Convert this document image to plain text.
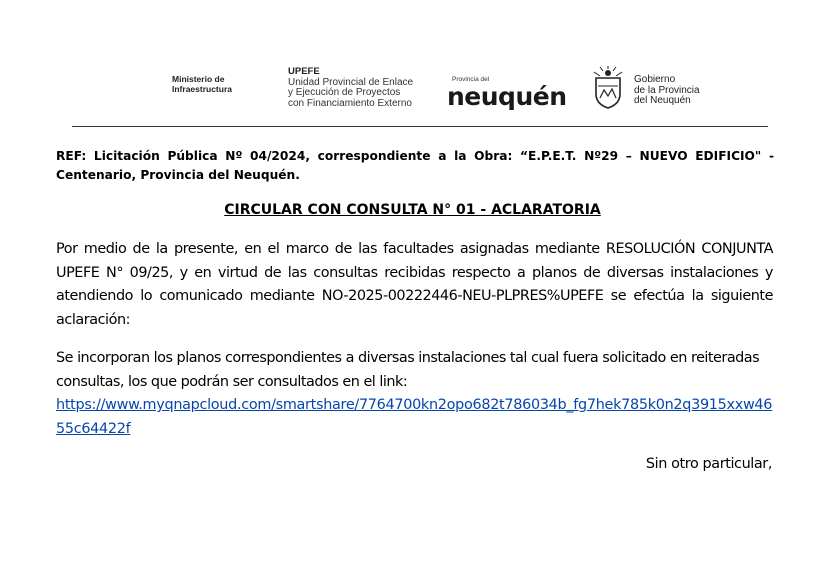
Ministerio de
Infraestructura
UPEFE
Unidad Provincial de Enlace
y Ejecución de Proyectos
con Financiamiento Externo
Provincia del
neuquén
Gobierno
de la Provincia
del Neuquén
REF: Licitación Pública Nº 04/2024, correspondiente a la Obra: “E.P.E.T. Nº29 – NUEVO EDIFICIO" - Centenario, Provincia del Neuquén.
CIRCULAR CON CONSULTA N° 01 - ACLARATORIA
Por medio de la presente, en el marco de las facultades asignadas mediante RESOLUCIÓN CONJUNTA UPEFE N° 09/25, y en virtud de las consultas recibidas respecto a planos de diversas instalaciones y atendiendo lo comunicado mediante NO-2025-00222446-NEU-PLPRES%UPEFE se efectúa la siguiente aclaración:
Se incorporan los planos correspondientes a diversas instalaciones tal cual fuera solicitado en reiteradas consultas, los que podrán ser consultados en el link:
https://www.myqnapcloud.com/smartshare/7764700kn2opo682t786034b_fg7hek785k0n2q3915xxw4655c64422f
Sin otro particular,
